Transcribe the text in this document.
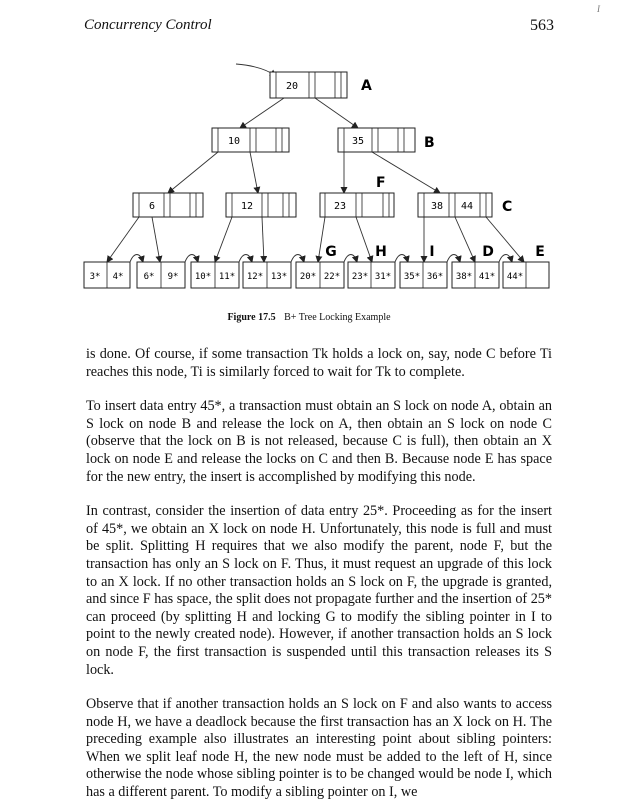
Concurrency Control	563
I
20	A
10	35	B
F
6	12	23	38 44 C
G	H	I	D	E
3* 4* 6* 9* 10* 11* 12* 13* 20* 22* 23* 31* 35* 36* 38* 41* 44*
Figure 17.5 B+ Tree Locking Example

is done. Of course, if some transaction Tk holds a lock on, say, node C before Ti reaches this node, Ti is similarly forced to wait for Tk to complete.

To insert data entry 45*, a transaction must obtain an S lock on node A, obtain an S lock on node B and release the lock on A, then obtain an S lock on node C (observe that the lock on B is not released, because C is full), then obtain an X lock on node E and release the locks on C and then B. Because node E has space for the new entry, the insert is accomplished by modifying this node.

In contrast, consider the insertion of data entry 25*. Proceeding as for the insert of 45*, we obtain an X lock on node H. Unfortunately, this node is full and must be split. Splitting H requires that we also modify the parent, node F, but the transaction has only an S lock on F. Thus, it must request an upgrade of this lock to an X lock. If no other transaction holds an S lock on F, the upgrade is granted, and since F has space, the split does not propagate further and the insertion of 25* can proceed (by splitting H and locking G to modify the sibling pointer in I to point to the newly created node). However, if another transaction holds an S lock on node F, the first transaction is suspended until this transaction releases its S lock.

Observe that if another transaction holds an S lock on F and also wants to access node H, we have a deadlock because the first transaction has an X lock on H. The preceding example also illustrates an interesting point about sibling pointers: When we split leaf node H, the new node must be added to the left of H, since otherwise the node whose sibling pointer is to be changed would be node I, which has a different parent. To modify a sibling pointer on I, we
